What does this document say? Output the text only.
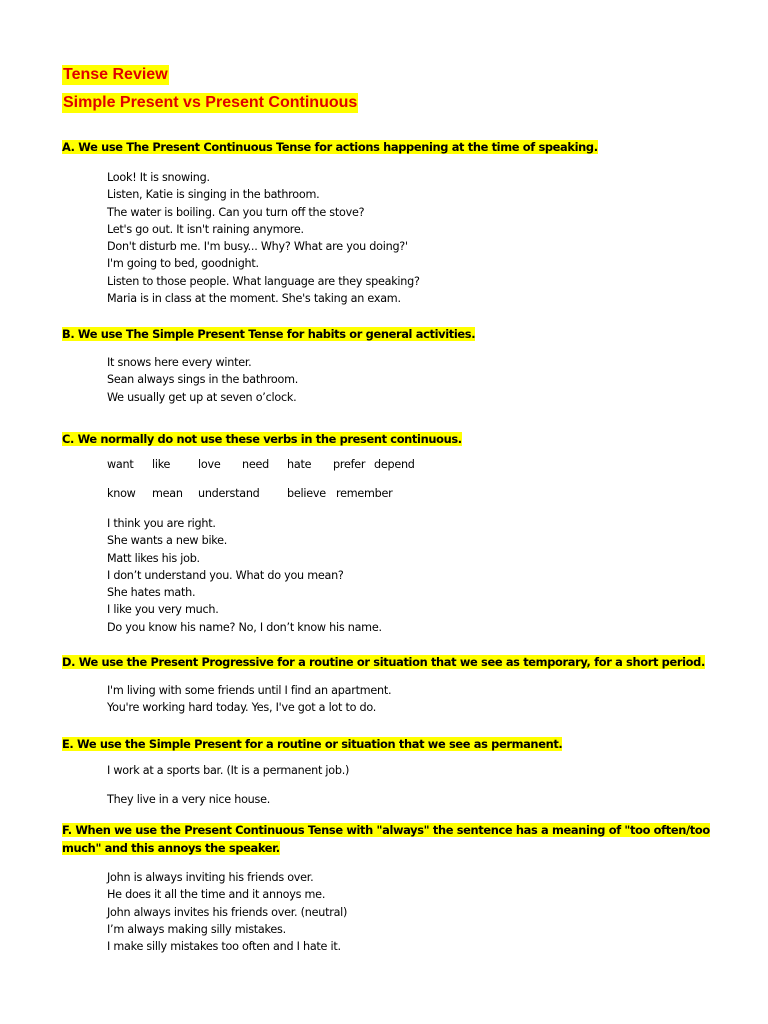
Tense Review
Simple Present vs Present Continuous
A. We use The Present Continuous Tense for actions happening at the time of speaking.
Look! It is snowing.
Listen, Katie is singing in the bathroom.
The water is boiling. Can you turn off the stove?
Let's go out. It isn't raining anymore.
Don't disturb me. I'm busy... Why? What are you doing?'
I'm going to bed, goodnight.
Listen to those people. What language are they speaking?
Maria is in class at the moment. She's taking an exam.
B. We use The Simple Present Tense for habits or general activities.
It snows here every winter.
Sean always sings in the bathroom.
We usually get up at seven o’clock.
C. We normally do not use these verbs in the present continuous.
want like love need hate prefer depend
know mean understand believe remember
I think you are right.
She wants a new bike.
Matt likes his job.
I don’t understand you. What do you mean?
She hates math.
I like you very much.
Do you know his name? No, I don’t know his name.
D. We use the Present Progressive for a routine or situation that we see as temporary, for a short period.
I'm living with some friends until I find an apartment.
You're working hard today. Yes, I've got a lot to do.
E. We use the Simple Present for a routine or situation that we see as permanent.
I work at a sports bar. (It is a permanent job.)
They live in a very nice house.
F. When we use the Present Continuous Tense with "always" the sentence has a meaning of "too often/too much" and this annoys the speaker.
John is always inviting his friends over.
He does it all the time and it annoys me.
John always invites his friends over. (neutral)
I’m always making silly mistakes.
I make silly mistakes too often and I hate it.
